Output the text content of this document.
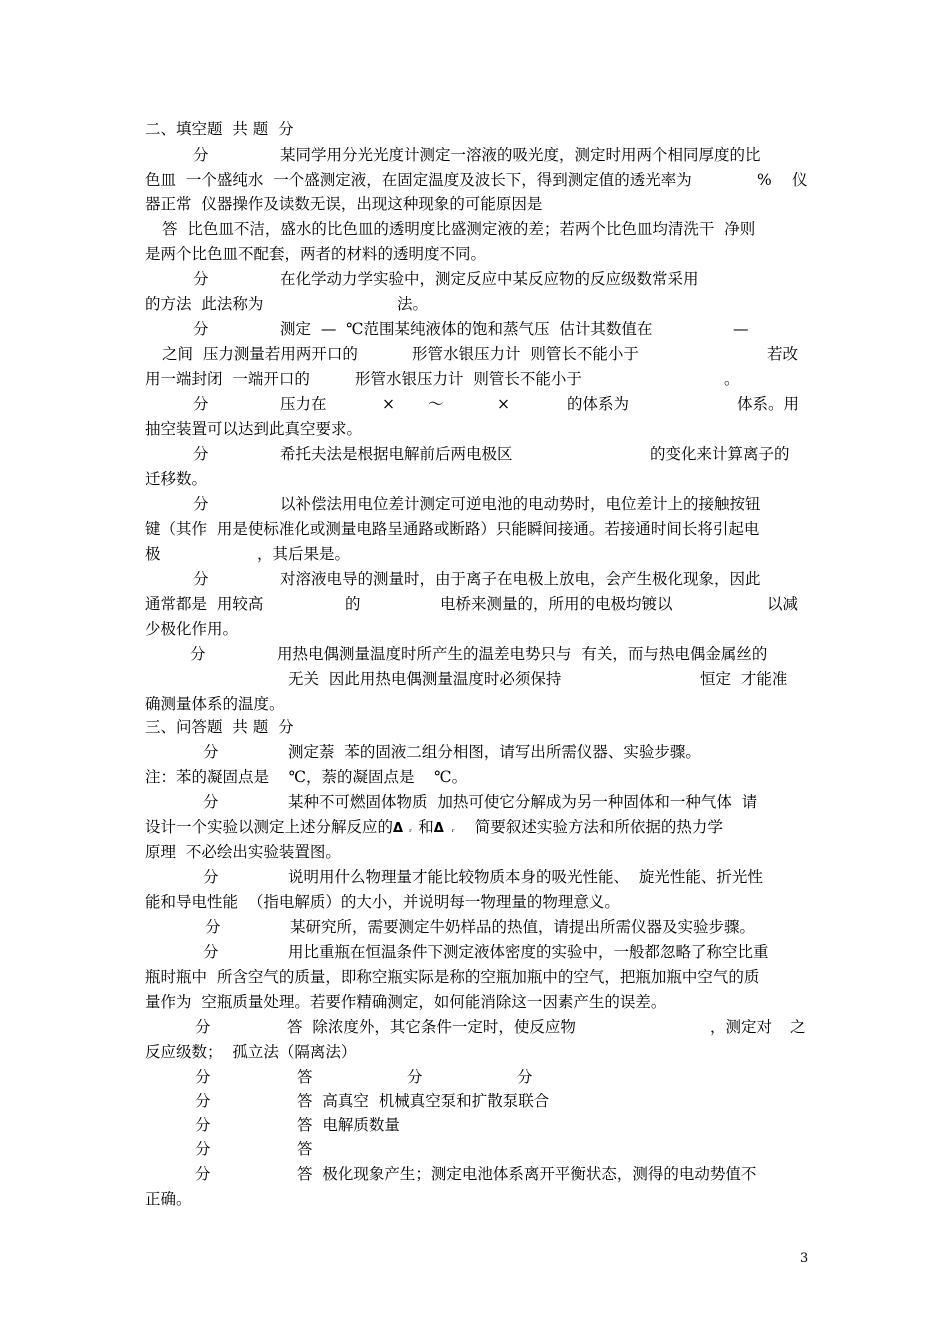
二、填空题  共 题  分
分	某同学用分光光度计测定一溶液的吸光度，测定时用两个相同厚度的比
色皿  一个盛纯水  一个盛测定液，在固定温度及波长下，得到测定值的透光率为	% 仪
器正常  仪器操作及读数无误，出现这种现象的可能原因是
答  比色皿不洁，盛水的比色皿的透明度比盛测定液的差；若两个比色皿均清洗干  净则
是两个比色皿不配套，两者的材料的透明度不同。
分	在化学动力学实验中，测定反应中某反应物的反应级数常采用
的方法  此法称为	法。
分	测定  —  ℃范围某纯液体的饱和蒸气压  估计其数值在	—
之间  压力测量若用两开口的	形管水银压力计  则管长不能小于	若改
用一端封闭  一端开口的	形管水银压力计  则管长不能小于	。
分	压力在	× ～	×	的体系为	体系。用
抽空装置可以达到此真空要求。
分	希托夫法是根据电解前后两电极区	的变化来计算离子的
迁移数。
分	以补偿法用电位差计测定可逆电池的电动势时，电位差计上的接触按钮
键（其作  用是使标准化或测量电路呈通路或断路）只能瞬间接通。若接通时间长将引起电
极	，其后果是。
分	对溶液电导的测量时，由于离子在电极上放电，会产生极化现象，因此
通常都是  用较高	的	电桥来测量的，所用的电极均镀以	以减
少极化作用。
分	用热电偶测量温度时所产生的温差电势只与  有关，而与热电偶金属丝的
无关  因此用热电偶测量温度时必须保持	恒定  才能准
确测量体系的温度。
三、问答题  共 题  分
分	测定萘  苯的固液二组分相图，请写出所需仪器、实验步骤。
注：苯的凝固点是    ℃，萘的凝固点是    ℃。
分	某种不可燃固体物质  加热可使它分解成为另一种固体和一种气体  请
设计一个实验以测定上述分解反应的Δ ᵣ 和Δ ᵣ 简要叙述实验方法和所依据的热力学
原理  不必绘出实验装置图。
分	说明用什么物理量才能比较物质本身的吸光性能、  旋光性能、折光性
能和导电性能  （指电解质）的大小，并说明每一物理量的物理意义。
分	某研究所，需要测定牛奶样品的热值，请提出所需仪器及实验步骤。
分	用比重瓶在恒温条件下测定液体密度的实验中，一般都忽略了称空比重
瓶时瓶中  所含空气的质量，即称空瓶实际是称的空瓶加瓶中的空气，把瓶加瓶中空气的质
量作为  空瓶质量处理。若要作精确测定，如何能消除这一因素产生的误差。
分	答  除浓度外，其它条件一定时，使反应物	，测定对 之
反应级数；  孤立法（隔离法）
分	答	分	分
分	答  高真空  机械真空泵和扩散泵联合
分	答  电解质数量
分	答
分	答  极化现象产生；测定电池体系离开平衡状态，测得的电动势值不
正确。
3
